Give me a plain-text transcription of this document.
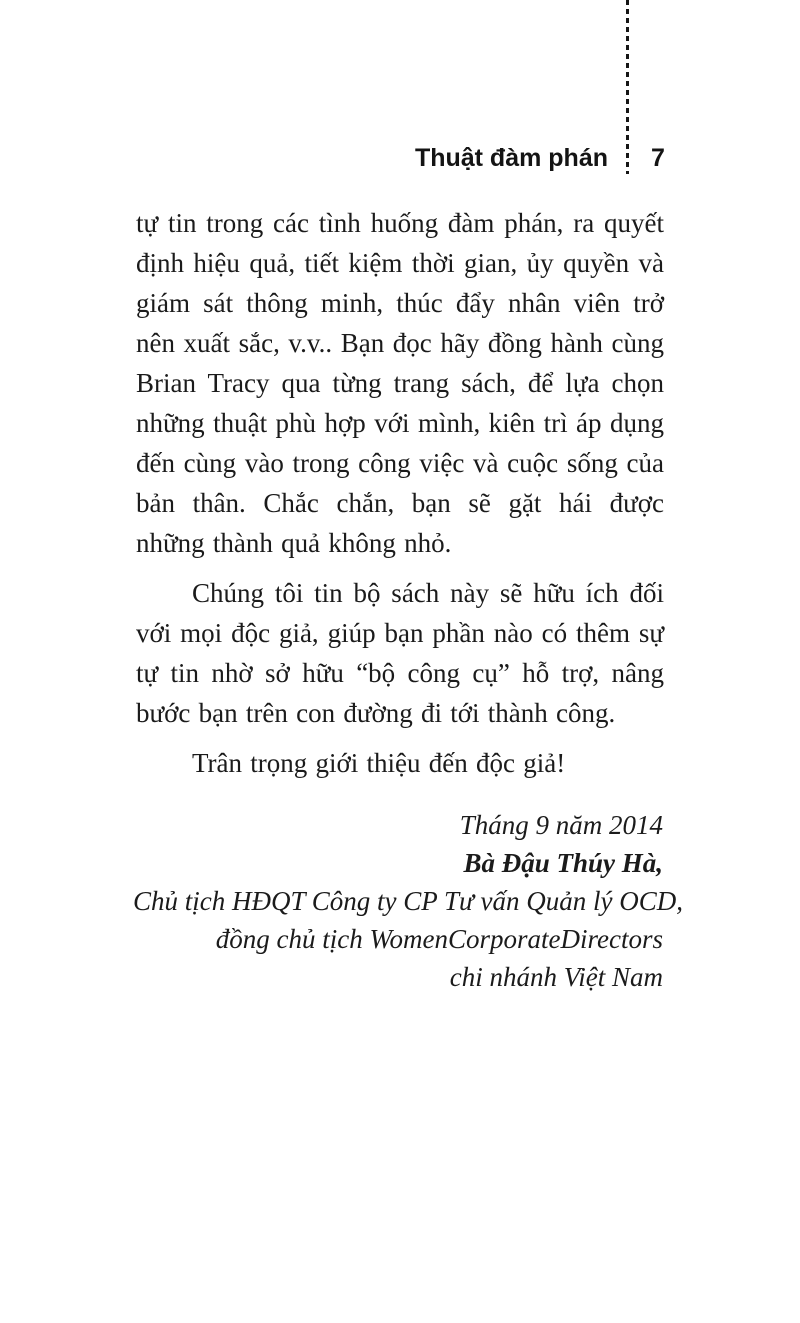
Thuật đàm phán	7

tự tin trong các tình huống đàm phán, ra quyết định hiệu quả, tiết kiệm thời gian, ủy quyền và giám sát thông minh, thúc đẩy nhân viên trở nên xuất sắc, v.v.. Bạn đọc hãy đồng hành cùng Brian Tracy qua từng trang sách, để lựa chọn những thuật phù hợp với mình, kiên trì áp dụng đến cùng vào trong công việc và cuộc sống của bản thân. Chắc chắn, bạn sẽ gặt hái được những thành quả không nhỏ.

Chúng tôi tin bộ sách này sẽ hữu ích đối với mọi độc giả, giúp bạn phần nào có thêm sự tự tin nhờ sở hữu “bộ công cụ” hỗ trợ, nâng bước bạn trên con đường đi tới thành công.

Trân trọng giới thiệu đến độc giả!

Tháng 9 năm 2014
Bà Đậu Thúy Hà,
Chủ tịch HĐQT Công ty CP Tư vấn Quản lý OCD,
đồng chủ tịch WomenCorporateDirectors
chi nhánh Việt Nam
